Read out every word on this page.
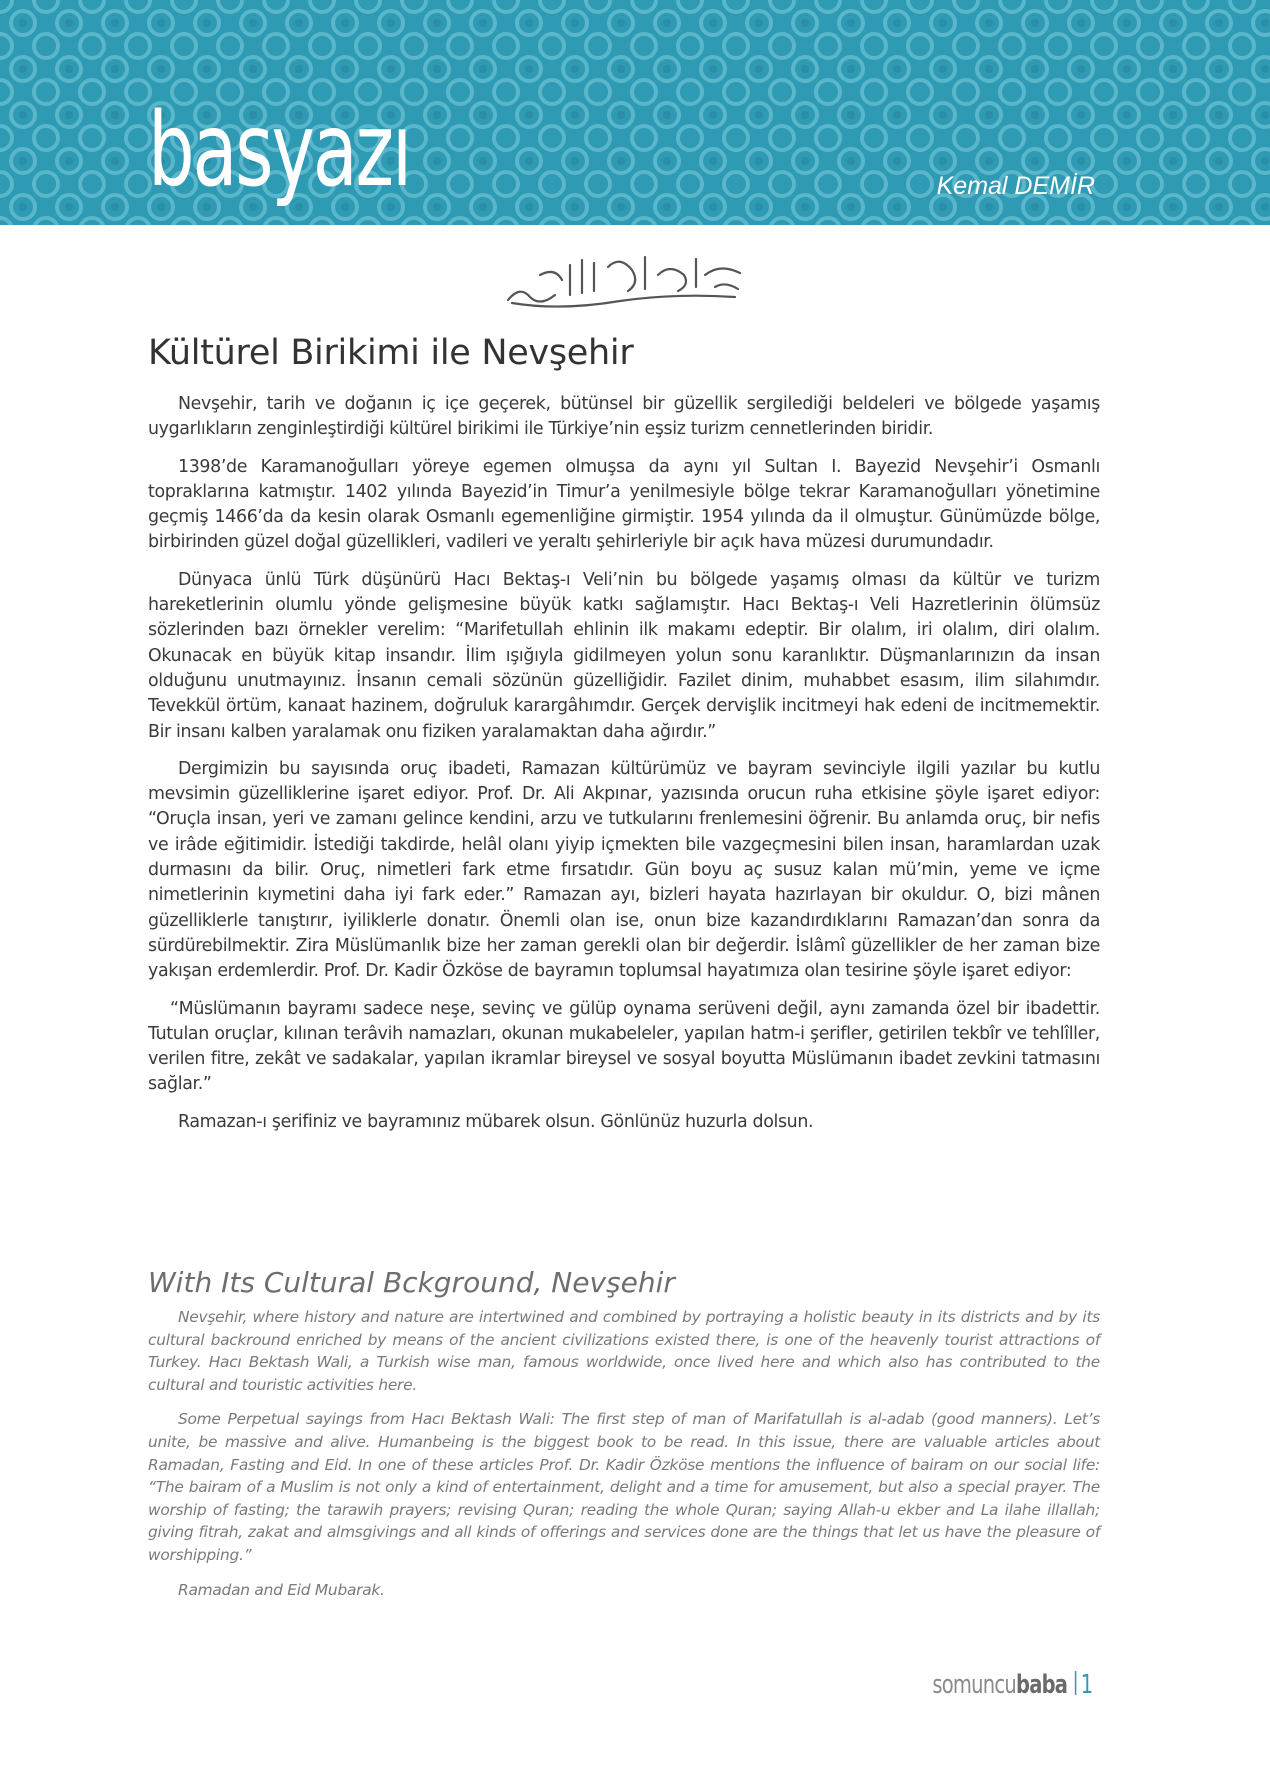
basyazı	Kemal DEMİR
Kültürel Birikimi ile Nevşehir

Nevşehir, tarih ve doğanın iç içe geçerek, bütünsel bir güzellik sergilediği beldeleri ve bölgede yaşamış uygarlıkların zenginleştirdiği kültürel birikimi ile Türkiye’nin eşsiz turizm cennetlerinden biridir.

1398’de Karamanoğulları yöreye egemen olmuşsa da aynı yıl Sultan I. Bayezid Nevşehir’i Osmanlı topraklarına katmıştır. 1402 yılında Bayezid’in Timur’a yenilmesiyle bölge tekrar Karamanoğulları yönetimine geçmiş 1466’da da kesin olarak Osmanlı egemenliğine girmiştir. 1954 yılında da il olmuştur. Günümüzde bölge, birbirinden güzel doğal güzellikleri, vadileri ve yeraltı şehirleriyle bir açık hava müzesi durumundadır.

Dünyaca ünlü Türk düşünürü Hacı Bektaş-ı Veli’nin bu bölgede yaşamış olması da kültür ve turizm hareketlerinin olumlu yönde gelişmesine büyük katkı sağlamıştır. Hacı Bektaş-ı Veli Hazretlerinin ölümsüz sözlerinden bazı örnekler verelim: “Marifetullah ehlinin ilk makamı edeptir. Bir olalım, iri olalım, diri olalım. Okunacak en büyük kitap insandır. İlim ışığıyla gidilmeyen yolun sonu karanlıktır. Düşmanlarınızın da insan olduğunu unutmayınız. İnsanın cemali sözünün güzelliğidir. Fazilet dinim, muhabbet esasım, ilim silahımdır. Tevekkül örtüm, kanaat hazinem, doğruluk karargâhımdır. Gerçek dervişlik incitmeyi hak edeni de incitmemektir. Bir insanı kalben yaralamak onu fiziken yaralamaktan daha ağırdır.”

Dergimizin bu sayısında oruç ibadeti, Ramazan kültürümüz ve bayram sevinciyle ilgili yazılar bu kutlu mevsimin güzelliklerine işaret ediyor. Prof. Dr. Ali Akpınar, yazısında orucun ruha etkisine şöyle işaret ediyor: “Oruçla insan, yeri ve zamanı gelince kendini, arzu ve tutkularını frenlemesini öğrenir. Bu anlamda oruç, bir nefis ve irâde eğitimidir. İstediği takdirde, helâl olanı yiyip içmekten bile vazgeçmesini bilen insan, haramlardan uzak durmasını da bilir. Oruç, nimetleri fark etme fırsatıdır. Gün boyu aç susuz kalan mü’min, yeme ve içme nimetlerinin kıymetini daha iyi fark eder.” Ramazan ayı, bizleri hayata hazırlayan bir okuldur. O, bizi mânen güzelliklerle tanıştırır, iyiliklerle donatır. Önemli olan ise, onun bize kazandırdıklarını Ramazan’dan sonra da sürdürebilmektir. Zira Müslümanlık bize her zaman gerekli olan bir değerdir. İslâmî güzellikler de her zaman bize yakışan erdemlerdir. Prof. Dr. Kadir Özköse de bayramın toplumsal hayatımıza olan tesirine şöyle işaret ediyor:

“Müslümanın bayramı sadece neşe, sevinç ve gülüp oynama serüveni değil, aynı zamanda özel bir ibadettir. Tutulan oruçlar, kılınan terâvih namazları, okunan mukabeleler, yapılan hatm-i şerifler, getirilen tekbîr ve tehlîller, verilen fitre, zekât ve sadakalar, yapılan ikramlar bireysel ve sosyal boyutta Müslümanın ibadet zevkini tatmasını sağlar.”

Ramazan-ı şerifiniz ve bayramınız mübarek olsun. Gönlünüz huzurla dolsun.

With Its Cultural Bckground, Nevşehir

Nevşehir, where history and nature are intertwined and combined by portraying a holistic beauty in its districts and by its cultural backround enriched by means of the ancient civilizations existed there, is one of the heavenly tourist attractions of Turkey. Hacı Bektash Wali, a Turkish wise man, famous worldwide, once lived here and which also has contributed to the cultural and touristic activities here.

Some Perpetual sayings from Hacı Bektash Wali: The first step of man of Marifatullah is al-adab (good manners). Let’s unite, be massive and alive. Humanbeing is the biggest book to be read. In this issue, there are valuable articles about Ramadan, Fasting and Eid. In one of these articles Prof. Dr. Kadir Özköse mentions the influence of bairam on our social life: “The bairam of a Muslim is not only a kind of entertainment, delight and a time for amusement, but also a special prayer. The worship of fasting; the tarawih prayers; revising Quran; reading the whole Quran; saying Allah-u ekber and La ilahe illallah; giving fitrah, zakat and almsgivings and all kinds of offerings and services done are the things that let us have the pleasure of worshipping.”

Ramadan and Eid Mubarak.

somuncubaba 1
